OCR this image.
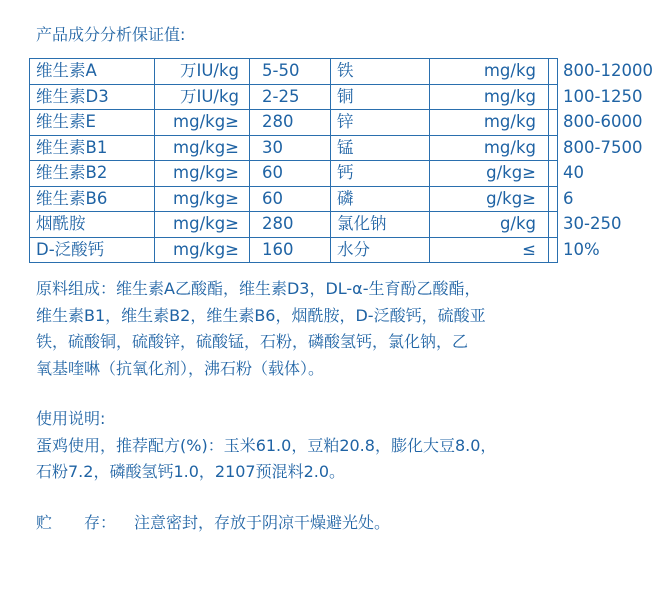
产品成分分析保证值:
维生素A	万IU/kg	5-50	铁	mg/kg	800-12000
维生素D3	万IU/kg	2-25	铜	mg/kg	100-1250
维生素E	mg/kg≥	280	锌	mg/kg	800-6000
维生素B1	mg/kg≥	30	锰	mg/kg	800-7500
维生素B2	mg/kg≥	60	钙	g/kg≥	40
维生素B6	mg/kg≥	60	磷	g/kg≥	6
烟酰胺	mg/kg≥	280	氯化钠	g/kg	30-250
D-泛酸钙	mg/kg≥	160	水分	≤	10%
原料组成：维生素A乙酸酯，维生素D3，DL-α-生育酚乙酸酯，
维生素B1，维生素B2，维生素B6，烟酰胺，D-泛酸钙，硫酸亚
铁，硫酸铜，硫酸锌，硫酸锰，石粉，磷酸氢钙，氯化钠，乙
氧基喹啉（抗氧化剂），沸石粉（载体）。
使用说明:
蛋鸡使用，推荐配方(%)：玉米61.0，豆粕20.8，膨化大豆8.0，
石粉7.2，磷酸氢钙1.0，2107预混料2.0。
贮　　存： 注意密封，存放于阴凉干燥避光处。
